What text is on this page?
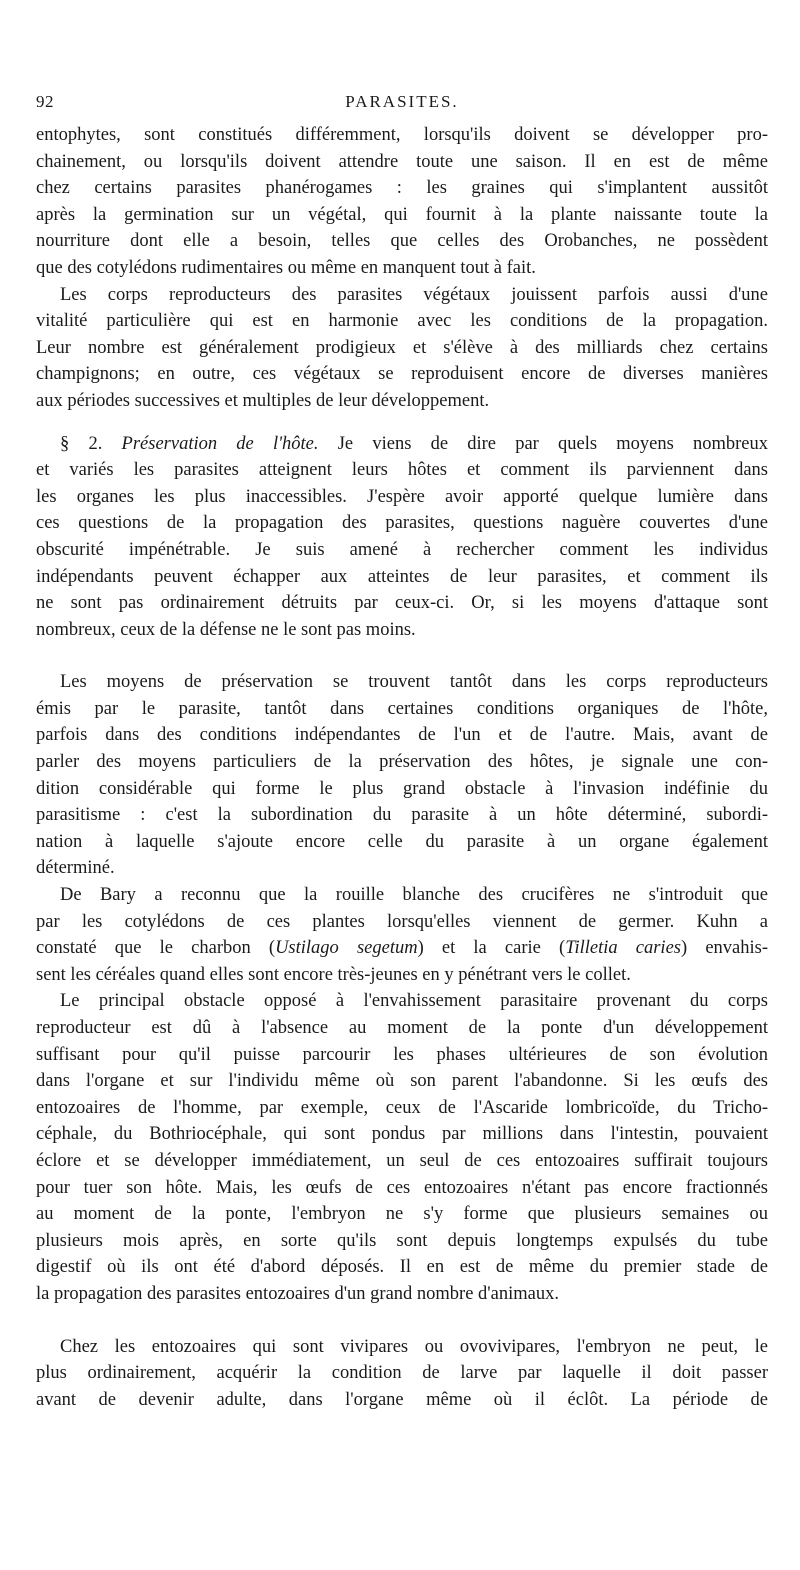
92	PARASITES.
entophytes, sont constitués différemment, lorsqu'ils doivent se développer pro-
chainement, ou lorsqu'ils doivent attendre toute une saison. Il en est de même
chez certains parasites phanérogames : les graines qui s'implantent aussitôt
après la germination sur un végétal, qui fournit à la plante naissante toute la
nourriture dont elle a besoin, telles que celles des Orobanches, ne possèdent
que des cotylédons rudimentaires ou même en manquent tout à fait.
Les corps reproducteurs des parasites végétaux jouissent parfois aussi d'une
vitalité particulière qui est en harmonie avec les conditions de la propagation.
Leur nombre est généralement prodigieux et s'élève à des milliards chez certains
champignons; en outre, ces végétaux se reproduisent encore de diverses manières
aux périodes successives et multiples de leur développement.
§ 2. Préservation de l'hôte. Je viens de dire par quels moyens nombreux
et variés les parasites atteignent leurs hôtes et comment ils parviennent dans
les organes les plus inaccessibles. J'espère avoir apporté quelque lumière dans
ces questions de la propagation des parasites, questions naguère couvertes d'une
obscurité impénétrable. Je suis amené à rechercher comment les individus
indépendants peuvent échapper aux atteintes de leur parasites, et comment ils
ne sont pas ordinairement détruits par ceux-ci. Or, si les moyens d'attaque sont
nombreux, ceux de la défense ne le sont pas moins.
Les moyens de préservation se trouvent tantôt dans les corps reproducteurs
émis par le parasite, tantôt dans certaines conditions organiques de l'hôte,
parfois dans des conditions indépendantes de l'un et de l'autre. Mais, avant de
parler des moyens particuliers de la préservation des hôtes, je signale une con-
dition considérable qui forme le plus grand obstacle à l'invasion indéfinie du
parasitisme : c'est la subordination du parasite à un hôte déterminé, subordi-
nation à laquelle s'ajoute encore celle du parasite à un organe également
déterminé.
De Bary a reconnu que la rouille blanche des crucifères ne s'introduit que
par les cotylédons de ces plantes lorsqu'elles viennent de germer. Kuhn a
constaté que le charbon (Ustilago segetum) et la carie (Tilletia caries) envahis-
sent les céréales quand elles sont encore très-jeunes en y pénétrant vers le collet.
Le principal obstacle opposé à l'envahissement parasitaire provenant du corps
reproducteur est dû à l'absence au moment de la ponte d'un développement
suffisant pour qu'il puisse parcourir les phases ultérieures de son évolution
dans l'organe et sur l'individu même où son parent l'abandonne. Si les œufs des
entozoaires de l'homme, par exemple, ceux de l'Ascaride lombricoïde, du Tricho-
céphale, du Bothriocéphale, qui sont pondus par millions dans l'intestin, pouvaient
éclore et se développer immédiatement, un seul de ces entozoaires suffirait toujours
pour tuer son hôte. Mais, les œufs de ces entozoaires n'étant pas encore fractionnés
au moment de la ponte, l'embryon ne s'y forme que plusieurs semaines ou
plusieurs mois après, en sorte qu'ils sont depuis longtemps expulsés du tube
digestif où ils ont été d'abord déposés. Il en est de même du premier stade de
la propagation des parasites entozoaires d'un grand nombre d'animaux.
Chez les entozoaires qui sont vivipares ou ovovivipares, l'embryon ne peut, le
plus ordinairement, acquérir la condition de larve par laquelle il doit passer
avant de devenir adulte, dans l'organe même où il éclôt. La période de
